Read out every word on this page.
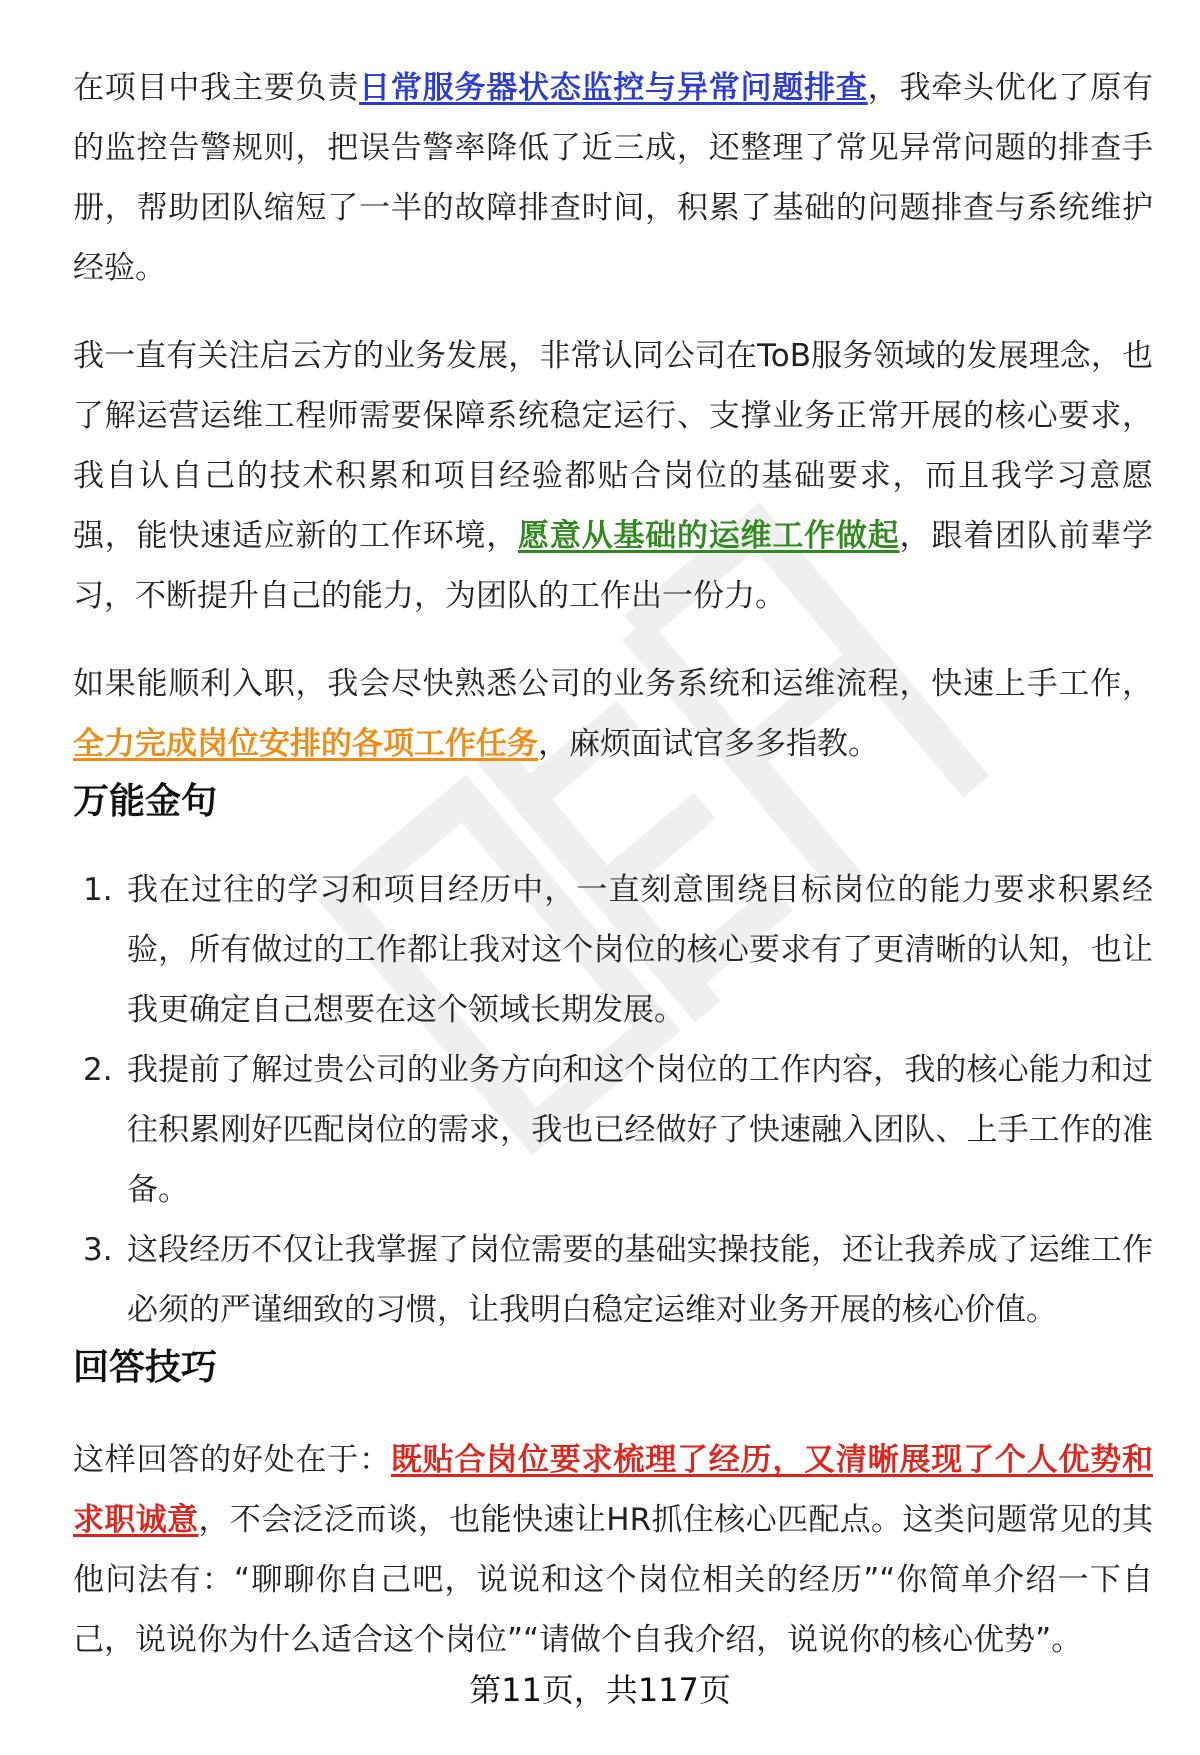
在项目中我主要负责日常服务器状态监控与异常问题排查，我牵头优化了原有的监控告警规则，把误告警率降低了近三成，还整理了常见异常问题的排查手册，帮助团队缩短了一半的故障排查时间，积累了基础的问题排查与系统维护经验。

我一直有关注启云方的业务发展，非常认同公司在ToB服务领域的发展理念，也了解运营运维工程师需要保障系统稳定运行、支撑业务正常开展的核心要求，我自认自己的技术积累和项目经验都贴合岗位的基础要求，而且我学习意愿强，能快速适应新的工作环境，愿意从基础的运维工作做起，跟着团队前辈学习，不断提升自己的能力，为团队的工作出一份力。

如果能顺利入职，我会尽快熟悉公司的业务系统和运维流程，快速上手工作，全力完成岗位安排的各项工作任务，麻烦面试官多多指教。

万能金句
1. 我在过往的学习和项目经历中，一直刻意围绕目标岗位的能力要求积累经验，所有做过的工作都让我对这个岗位的核心要求有了更清晰的认知，也让我更确定自己想要在这个领域长期发展。
2. 我提前了解过贵公司的业务方向和这个岗位的工作内容，我的核心能力和过往积累刚好匹配岗位的需求，我也已经做好了快速融入团队、上手工作的准备。
3. 这段经历不仅让我掌握了岗位需要的基础实操技能，还让我养成了运维工作必须的严谨细致的习惯，让我明白稳定运维对业务开展的核心价值。
回答技巧

这样回答的好处在于：既贴合岗位要求梳理了经历，又清晰展现了个人优势和求职诚意，不会泛泛而谈，也能快速让HR抓住核心匹配点。这类问题常见的其他问法有：“聊聊你自己吧，说说和这个岗位相关的经历”“你简单介绍一下自己，说说你为什么适合这个岗位”“请做个自我介绍，说说你的核心优势”。

第11页，共117页
